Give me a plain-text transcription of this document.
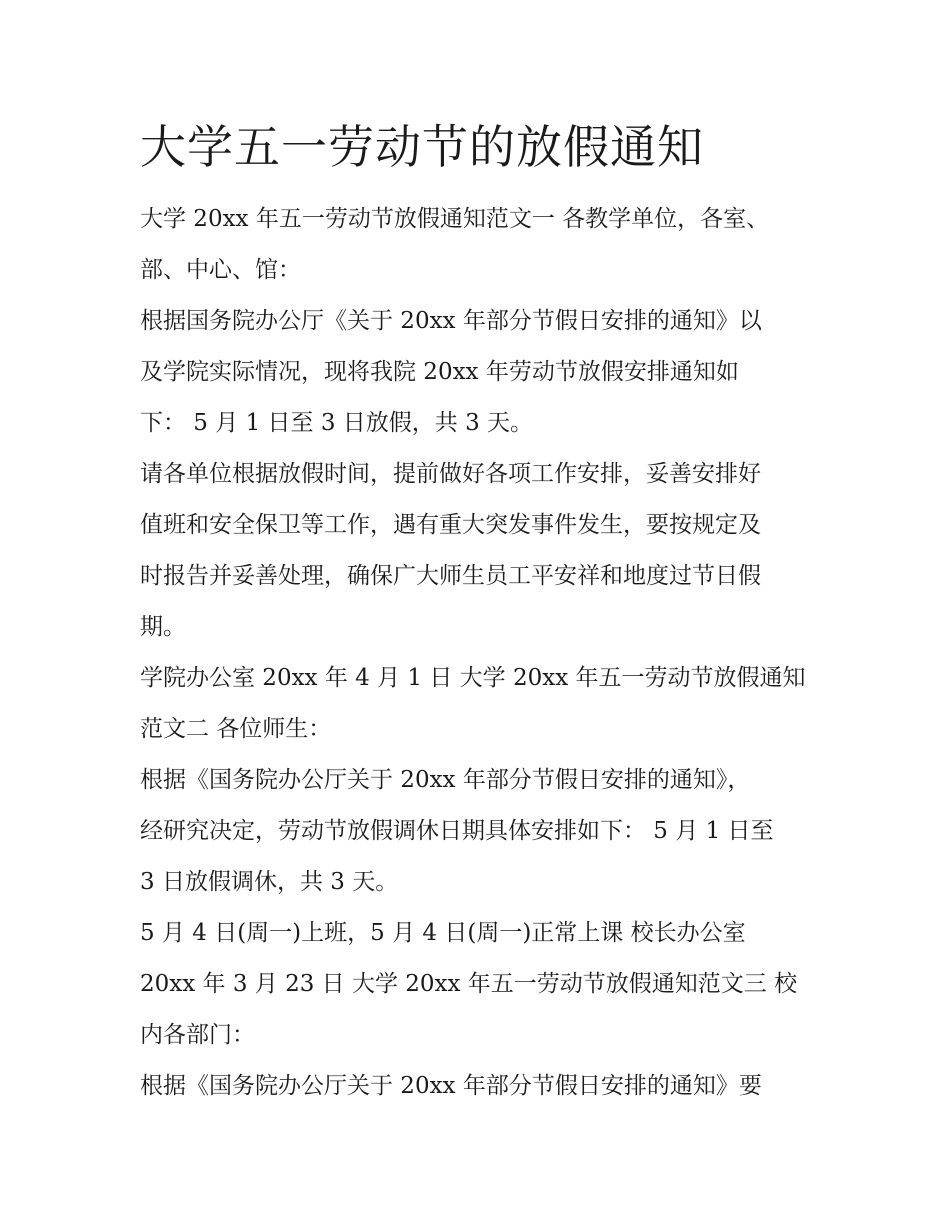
大学五一劳动节的放假通知

大学 20xx 年五一劳动节放假通知范文一 各教学单位，各室、

部、中心、馆：

根据国务院办公厅《关于 20xx 年部分节假日安排的通知》以

及学院实际情况，现将我院 20xx 年劳动节放假安排通知如

下： 5 月 1 日至 3 日放假，共 3 天。

请各单位根据放假时间，提前做好各项工作安排，妥善安排好

值班和安全保卫等工作，遇有重大突发事件发生，要按规定及

时报告并妥善处理，确保广大师生员工平安祥和地度过节日假

期。

学院办公室 20xx 年 4 月 1 日 大学 20xx 年五一劳动节放假通知

范文二 各位师生：

根据《国务院办公厅关于 20xx 年部分节假日安排的通知》，

经研究决定，劳动节放假调休日期具体安排如下： 5 月 1 日至

3 日放假调休，共 3 天。

5 月 4 日(周一)上班，5 月 4 日(周一)正常上课 校长办公室

20xx 年 3 月 23 日 大学 20xx 年五一劳动节放假通知范文三 校

内各部门：

根据《国务院办公厅关于 20xx 年部分节假日安排的通知》要
